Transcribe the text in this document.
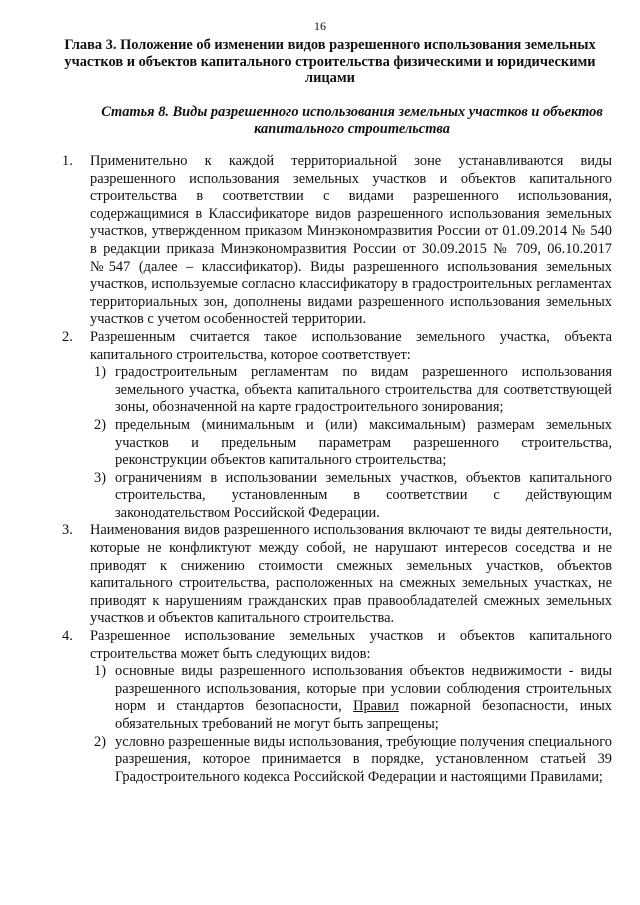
16
Глава 3. Положение об изменении видов разрешенного использования земельных участков и объектов капитального строительства физическими и юридическими лицами
Статья 8. Виды разрешенного использования земельных участков и объектов капитального строительства
1. Применительно к каждой территориальной зоне устанавливаются виды разрешенного использования земельных участков и объектов капитального строительства в соответствии с видами разрешенного использования, содержащимися в Классификаторе видов разрешенного использования земельных участков, утвержденном приказом Минэкономразвития России от 01.09.2014 № 540 в редакции приказа Минэкономразвития России от 30.09.2015 № 709, 06.10.2017 №547 (далее – классификатор). Виды разрешенного использования земельных участков, используемые согласно классификатору в градостроительных регламентах территориальных зон, дополнены видами разрешенного использования земельных участков с учетом особенностей территории.
2. Разрешенным считается такое использование земельного участка, объекта капитального строительства, которое соответствует:
1) градостроительным регламентам по видам разрешенного использования земельного участка, объекта капитального строительства для соответствующей зоны, обозначенной на карте градостроительного зонирования;
2) предельным (минимальным и (или) максимальным) размерам земельных участков и предельным параметрам разрешенного строительства, реконструкции объектов капитального строительства;
3) ограничениям в использовании земельных участков, объектов капитального строительства, установленным в соответствии с действующим законодательством Российской Федерации.
3. Наименования видов разрешенного использования включают те виды деятельности, которые не конфликтуют между собой, не нарушают интересов соседства и не приводят к снижению стоимости смежных земельных участков, объектов капитального строительства, расположенных на смежных земельных участках, не приводят к нарушениям гражданских прав правообладателей смежных земельных участков и объектов капитального строительства.
4. Разрешенное использование земельных участков и объектов капитального строительства может быть следующих видов:
1) основные виды разрешенного использования объектов недвижимости - виды разрешенного использования, которые при условии соблюдения строительных норм и стандартов безопасности, Правил пожарной безопасности, иных обязательных требований не могут быть запрещены;
2) условно разрешенные виды использования, требующие получения специального разрешения, которое принимается в порядке, установленном статьей 39 Градостроительного кодекса Российской Федерации и настоящими Правилами;
